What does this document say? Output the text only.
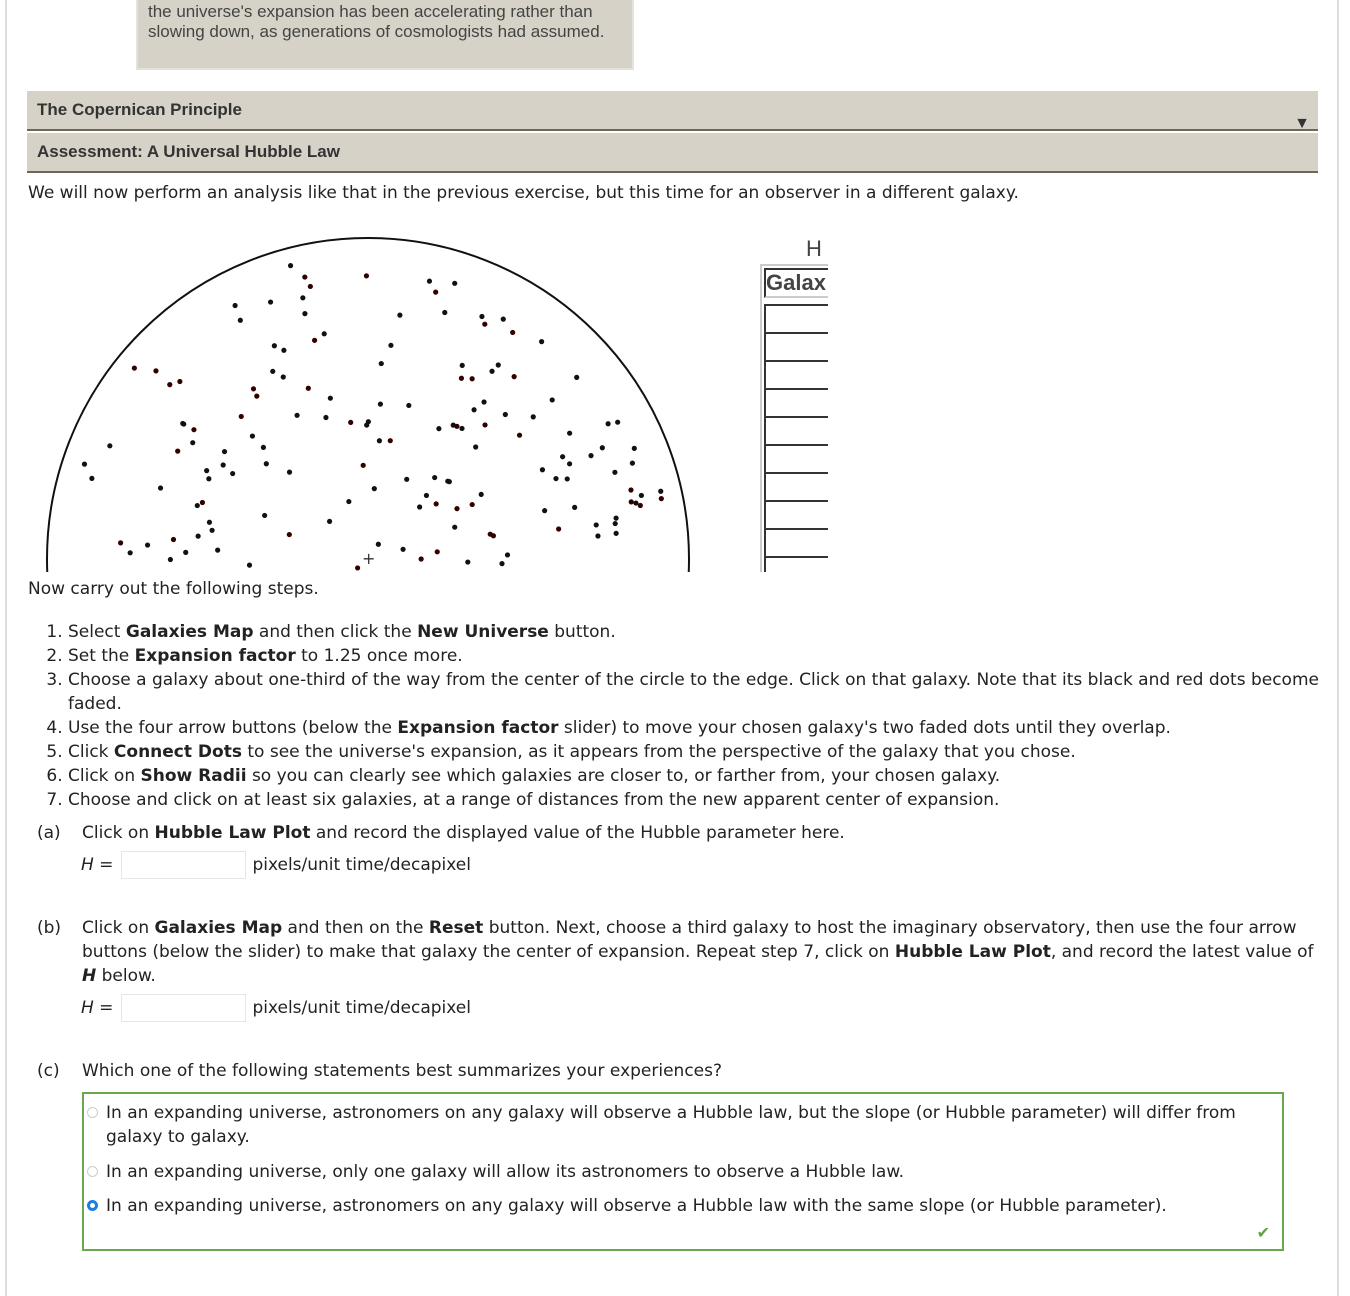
the universe's expansion has been accelerating rather than slowing down, as generations of cosmologists had assumed.
The Copernican Principle
▼
Assessment: A Universal Hubble Law
We will now perform an analysis like that in the previous exercise, but this time for an observer in a different galaxy.
+
H
Galax
Now carry out the following steps.
1. Select Galaxies Map and then click the New Universe button.
2. Set the Expansion factor to 1.25 once more.
3. Choose a galaxy about one-third of the way from the center of the circle to the edge. Click on that galaxy. Note that its black and red dots become faded.
4. Use the four arrow buttons (below the Expansion factor slider) to move your chosen galaxy's two faded dots until they overlap.
5. Click Connect Dots to see the universe's expansion, as it appears from the perspective of the galaxy that you chose.
6. Click on Show Radii so you can clearly see which galaxies are closer to, or farther from, your chosen galaxy.
7. Choose and click on at least six galaxies, at a range of distances from the new apparent center of expansion.
(a) Click on Hubble Law Plot and record the displayed value of the Hubble parameter here.
H =	pixels/unit time/decapixel
(b) Click on Galaxies Map and then on the Reset button. Next, choose a third galaxy to host the imaginary observatory, then use the four arrow buttons (below the slider) to make that galaxy the center of expansion. Repeat step 7, click on Hubble Law Plot, and record the latest value of H below.
H =	pixels/unit time/decapixel
(c) Which one of the following statements best summarizes your experiences?
In an expanding universe, astronomers on any galaxy will observe a Hubble law, but the slope (or Hubble parameter) will differ from galaxy to galaxy.
In an expanding universe, only one galaxy will allow its astronomers to observe a Hubble law.
In an expanding universe, astronomers on any galaxy will observe a Hubble law with the same slope (or Hubble parameter).
✔
